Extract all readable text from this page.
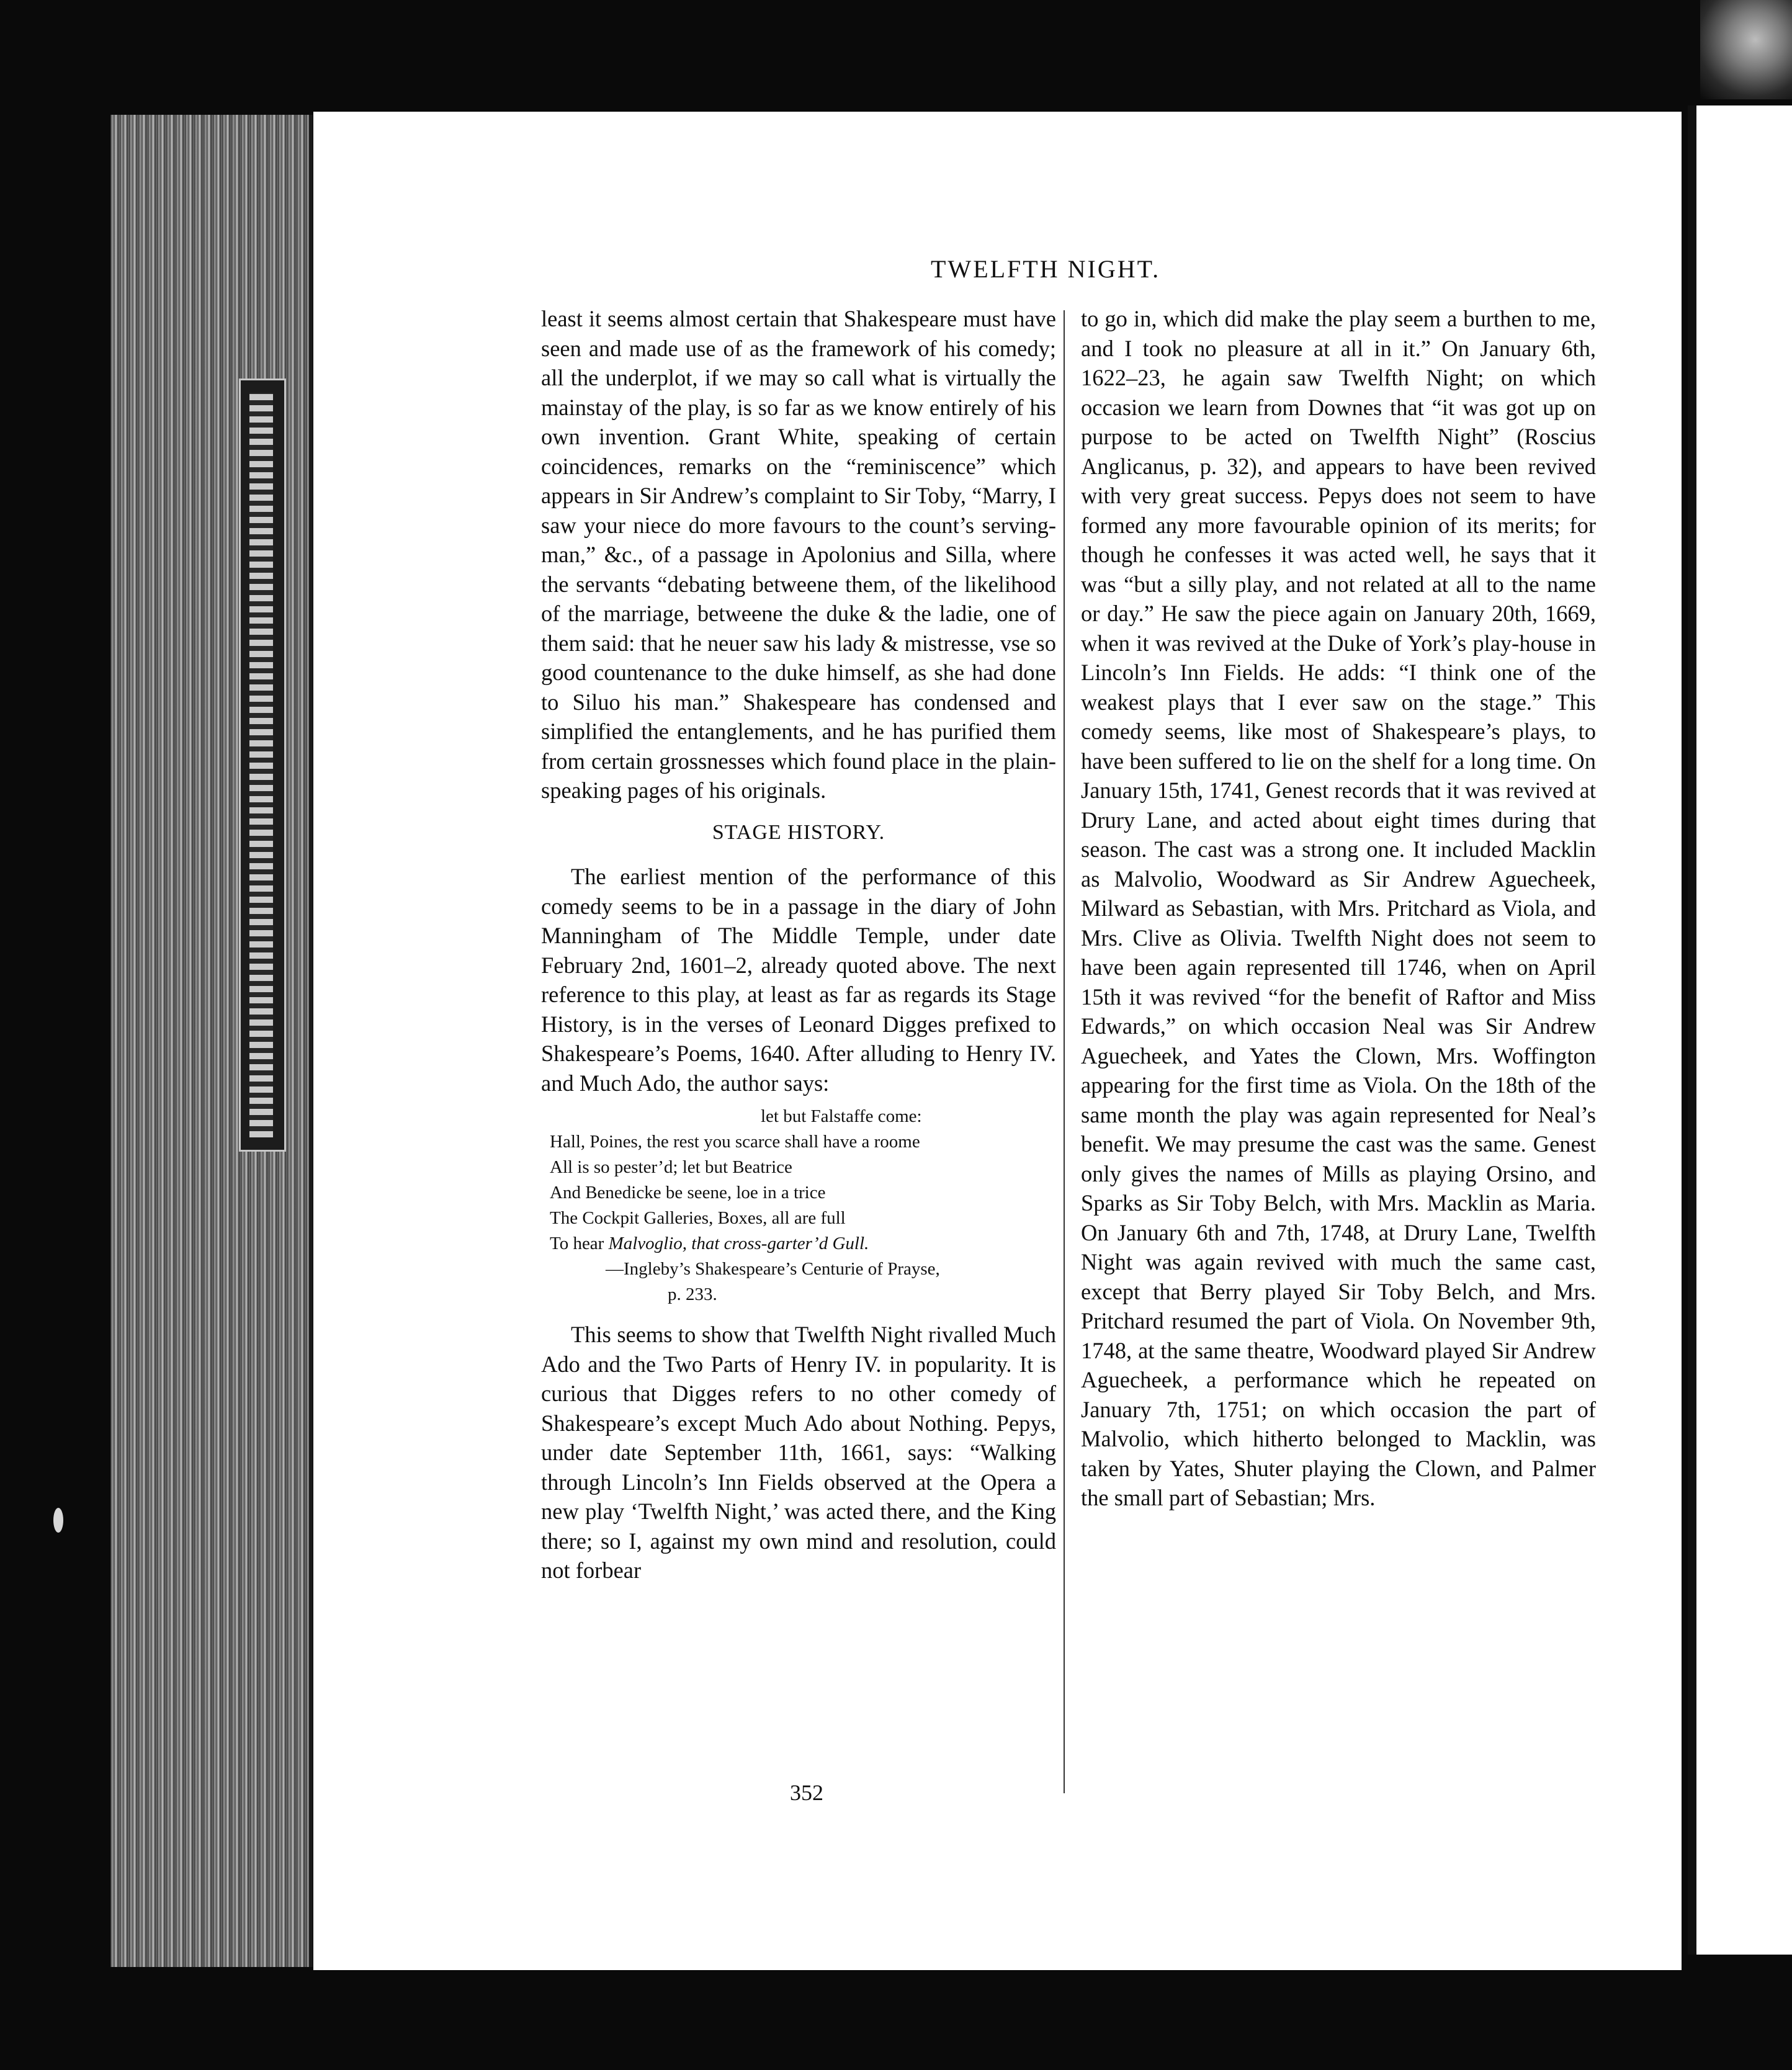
TWELFTH NIGHT.

least it seems almost certain that Shakespeare must have seen and made use of as the framework of his comedy; all the underplot, if we may so call what is virtually the mainstay of the play, is so far as we know entirely of his own invention. Grant White, speaking of certain coincidences, remarks on the “reminiscence” which appears in Sir Andrew’s complaint to Sir Toby, “Marry, I saw your niece do more favours to the count’s serving-man,” &c., of a passage in Apolonius and Silla, where the servants “debating betweene them, of the likelihood of the marriage, betweene the duke & the ladie, one of them said: that he neuer saw his lady & mistresse, vse so good countenance to the duke himself, as she had done to Siluo his man.” Shakespeare has condensed and simplified the entanglements, and he has purified them from certain grossnesses which found place in the plain-speaking pages of his originals.

STAGE HISTORY.

The earliest mention of the performance of this comedy seems to be in a passage in the diary of John Manningham of The Middle Temple, under date February 2nd, 1601–2, already quoted above. The next reference to this play, at least as far as regards its Stage History, is in the verses of Leonard Digges prefixed to Shakespeare’s Poems, 1640. After alluding to Henry IV. and Much Ado, the author says:

let but Falstaffe come:
Hall, Poines, the rest you scarce shall have a roome
All is so pester’d; let but Beatrice
And Benedicke be seene, loe in a trice
The Cockpit Galleries, Boxes, all are full
To hear Malvoglio, that cross-garter’d Gull.
—Ingleby’s Shakespeare’s Centurie of Prayse,
p. 233.

This seems to show that Twelfth Night rivalled Much Ado and the Two Parts of Henry IV. in popularity. It is curious that Digges refers to no other comedy of Shakespeare’s except Much Ado about Nothing. Pepys, under date September 11th, 1661, says: “Walking through Lincoln’s Inn Fields observed at the Opera a new play ‘Twelfth Night,’ was acted there, and the King there; so I, against my own mind and resolution, could not forbear

to go in, which did make the play seem a burthen to me, and I took no pleasure at all in it.” On January 6th, 1622–23, he again saw Twelfth Night; on which occasion we learn from Downes that “it was got up on purpose to be acted on Twelfth Night” (Roscius Anglicanus, p. 32), and appears to have been revived with very great success. Pepys does not seem to have formed any more favourable opinion of its merits; for though he confesses it was acted well, he says that it was “but a silly play, and not related at all to the name or day.” He saw the piece again on January 20th, 1669, when it was revived at the Duke of York’s play-house in Lincoln’s Inn Fields. He adds: “I think one of the weakest plays that I ever saw on the stage.” This comedy seems, like most of Shakespeare’s plays, to have been suffered to lie on the shelf for a long time. On January 15th, 1741, Genest records that it was revived at Drury Lane, and acted about eight times during that season. The cast was a strong one. It included Macklin as Malvolio, Woodward as Sir Andrew Aguecheek, Milward as Sebastian, with Mrs. Pritchard as Viola, and Mrs. Clive as Olivia. Twelfth Night does not seem to have been again represented till 1746, when on April 15th it was revived “for the benefit of Raftor and Miss Edwards,” on which occasion Neal was Sir Andrew Aguecheek, and Yates the Clown, Mrs. Woffington appearing for the first time as Viola. On the 18th of the same month the play was again represented for Neal’s benefit. We may presume the cast was the same. Genest only gives the names of Mills as playing Orsino, and Sparks as Sir Toby Belch, with Mrs. Macklin as Maria. On January 6th and 7th, 1748, at Drury Lane, Twelfth Night was again revived with much the same cast, except that Berry played Sir Toby Belch, and Mrs. Pritchard resumed the part of Viola. On November 9th, 1748, at the same theatre, Woodward played Sir Andrew Aguecheek, a performance which he repeated on January 7th, 1751; on which occasion the part of Malvolio, which hitherto belonged to Macklin, was taken by Yates, Shuter playing the Clown, and Palmer the small part of Sebastian; Mrs.

352
